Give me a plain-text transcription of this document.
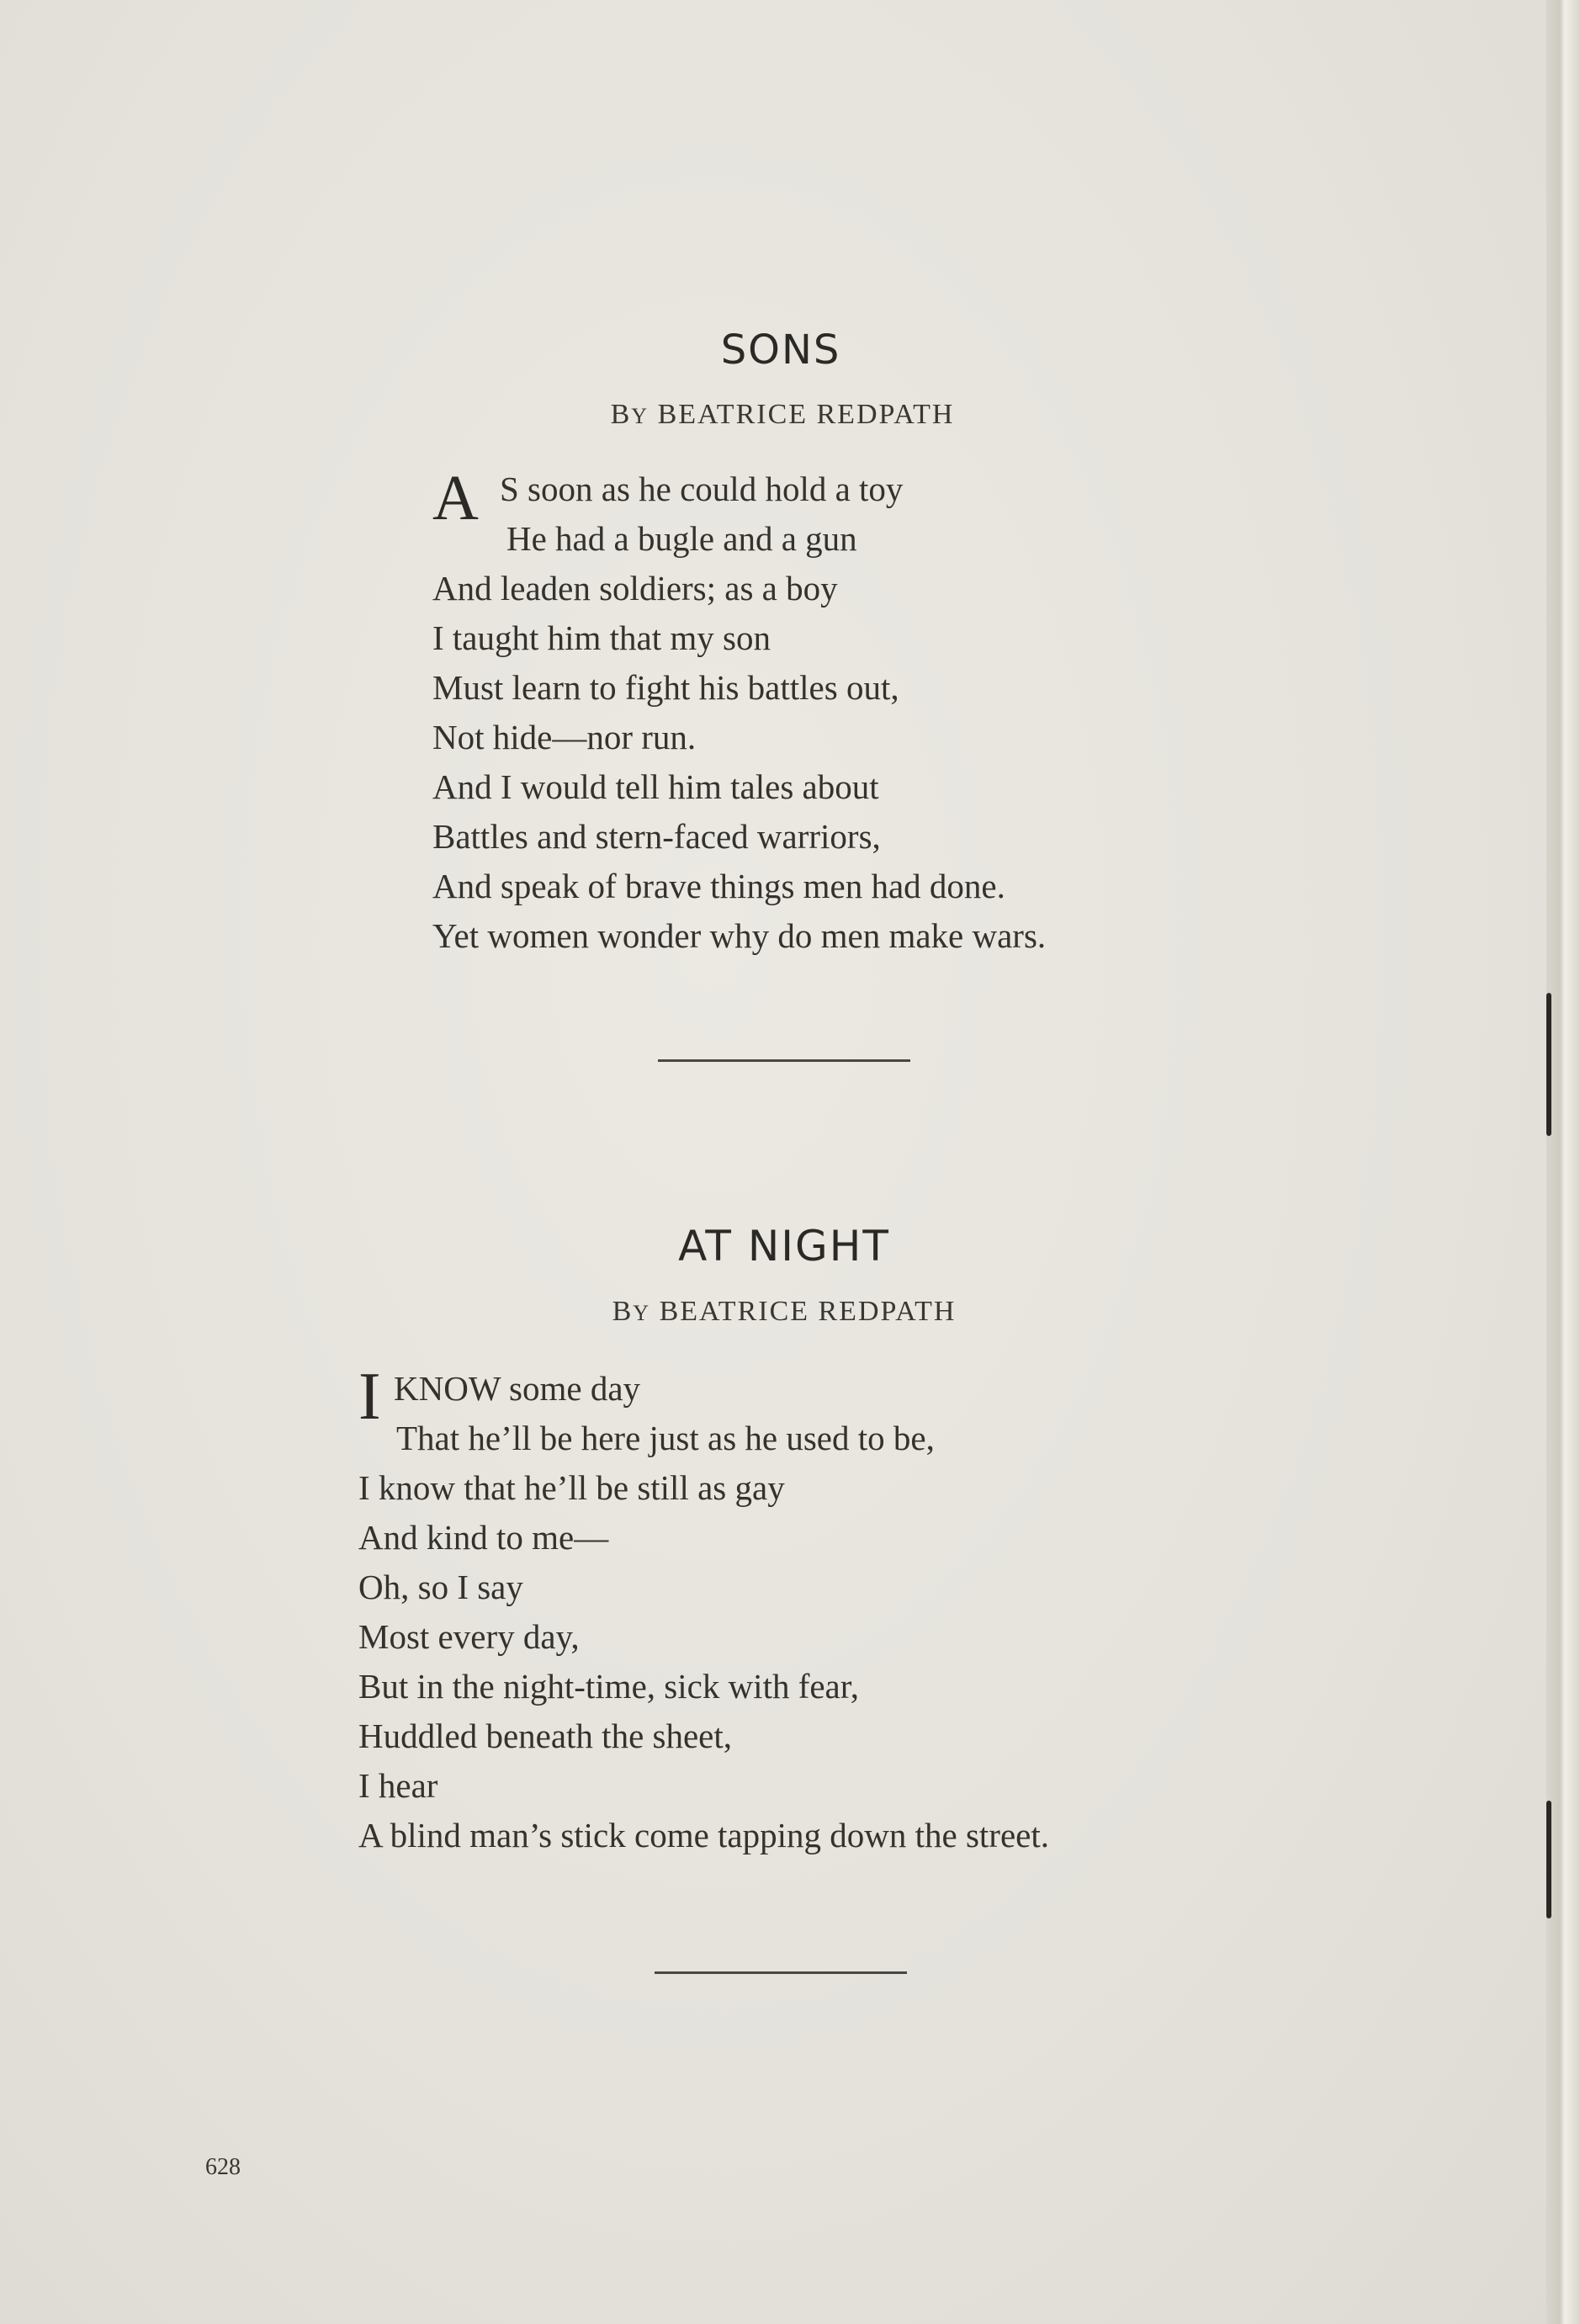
SONS
BY BEATRICE REDPATH
A S soon as he could hold a toy
He had a bugle and a gun
And leaden soldiers; as a boy
I taught him that my son
Must learn to fight his battles out,
Not hide—nor run.
And I would tell him tales about
Battles and stern-faced warriors,
And speak of brave things men had done.
Yet women wonder why do men make wars.
AT NIGHT
BY BEATRICE REDPATH
I KNOW some day
That he’ll be here just as he used to be,
I know that he’ll be still as gay
And kind to me—
Oh, so I say
Most every day,
But in the night-time, sick with fear,
Huddled beneath the sheet,
I hear
A blind man’s stick come tapping down the street.
628
